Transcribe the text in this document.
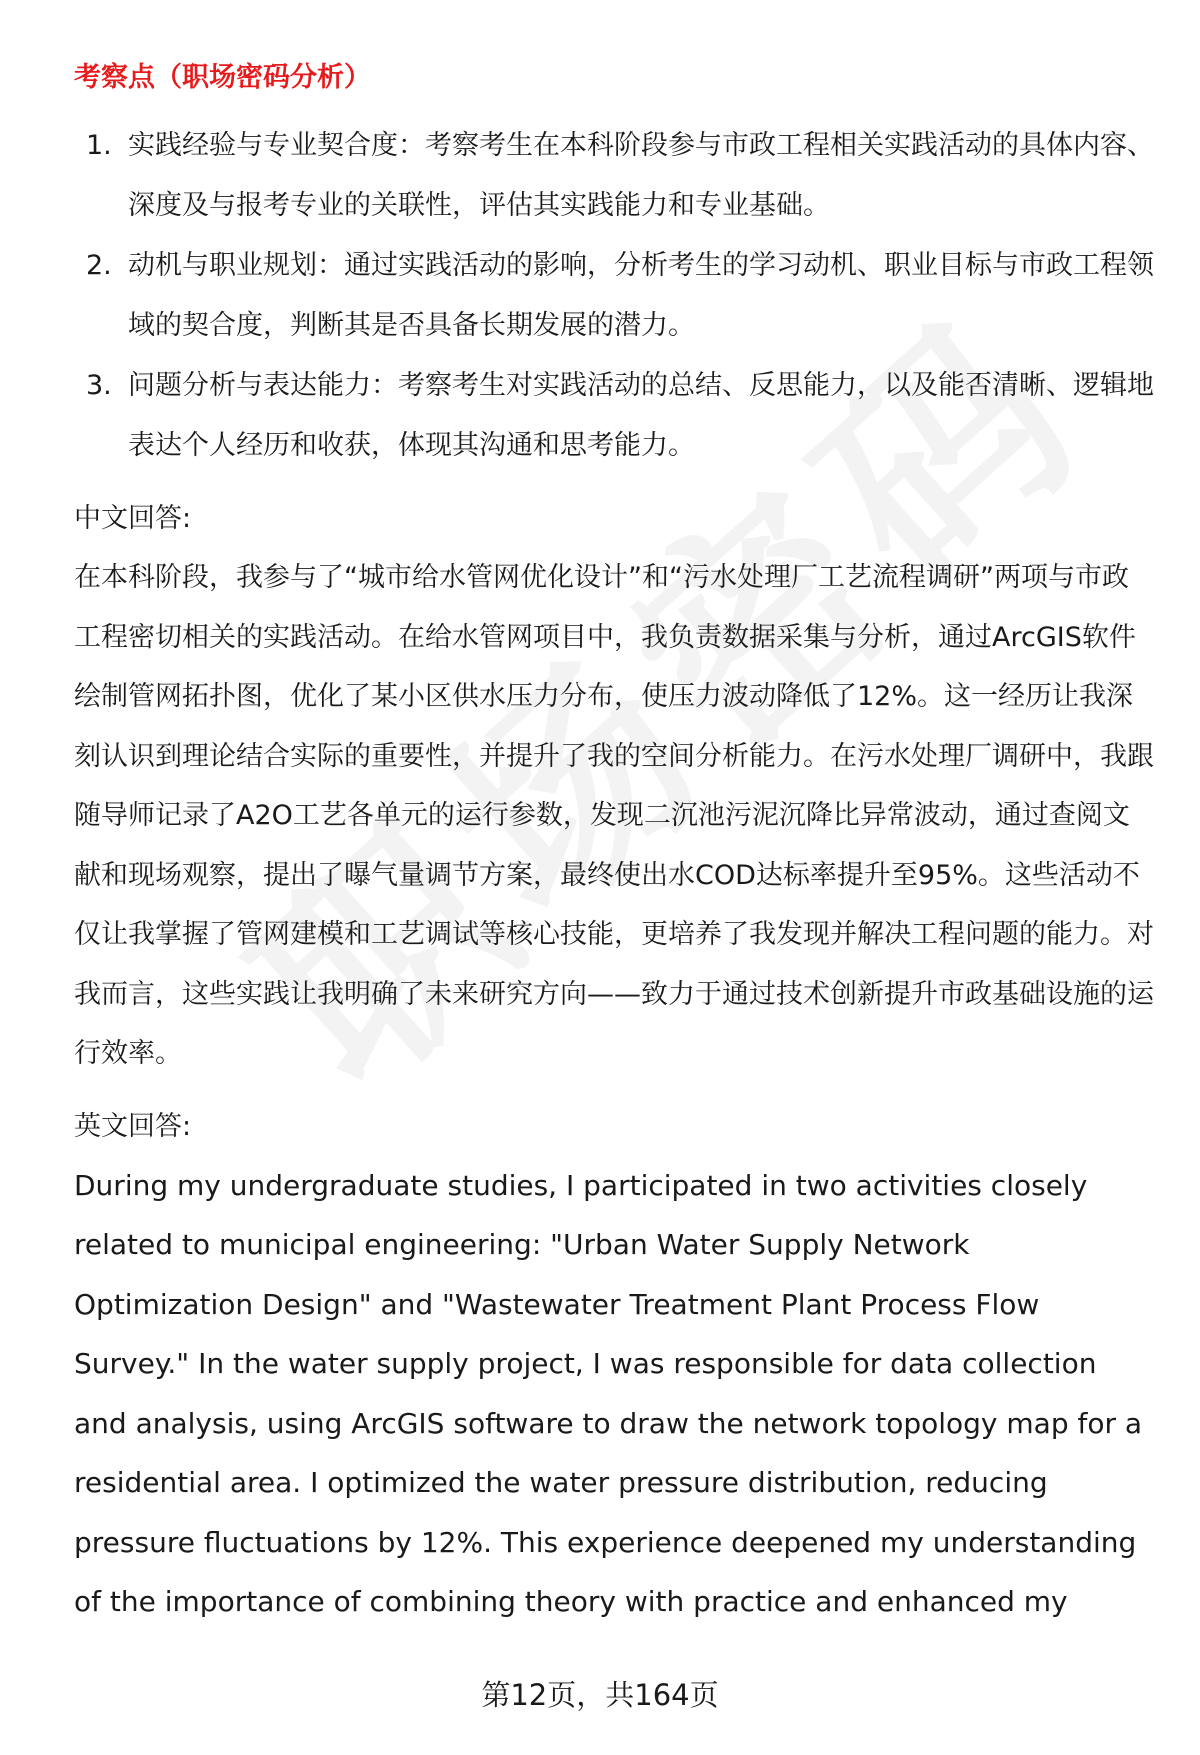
考察点（职场密码分析）
1. 实践经验与专业契合度：考察考生在本科阶段参与市政工程相关实践活动的具体内容、深度及与报考专业的关联性，评估其实践能力和专业基础。
2. 动机与职业规划：通过实践活动的影响，分析考生的学习动机、职业目标与市政工程领域的契合度，判断其是否具备长期发展的潜力。
3. 问题分析与表达能力：考察考生对实践活动的总结、反思能力，以及能否清晰、逻辑地表达个人经历和收获，体现其沟通和思考能力。
中文回答:
在本科阶段，我参与了“城市给水管网优化设计”和“污水处理厂工艺流程调研”两项与市政工程密切相关的实践活动。在给水管网项目中，我负责数据采集与分析，通过ArcGIS软件绘制管网拓扑图，优化了某小区供水压力分布，使压力波动降低了12%。这一经历让我深刻认识到理论结合实际的重要性，并提升了我的空间分析能力。在污水处理厂调研中，我跟随导师记录了A2O工艺各单元的运行参数，发现二沉池污泥沉降比异常波动，通过查阅文献和现场观察，提出了曝气量调节方案，最终使出水COD达标率提升至95%。这些活动不仅让我掌握了管网建模和工艺调试等核心技能，更培养了我发现并解决工程问题的能力。对我而言，这些实践让我明确了未来研究方向——致力于通过技术创新提升市政基础设施的运行效率。
英文回答:
During my undergraduate studies, I participated in two activities closely related to municipal engineering: "Urban Water Supply Network Optimization Design" and "Wastewater Treatment Plant Process Flow Survey." In the water supply project, I was responsible for data collection and analysis, using ArcGIS software to draw the network topology map for a residential area. I optimized the water pressure distribution, reducing pressure fluctuations by 12%. This experience deepened my understanding of the importance of combining theory with practice and enhanced my
第12页，共164页
